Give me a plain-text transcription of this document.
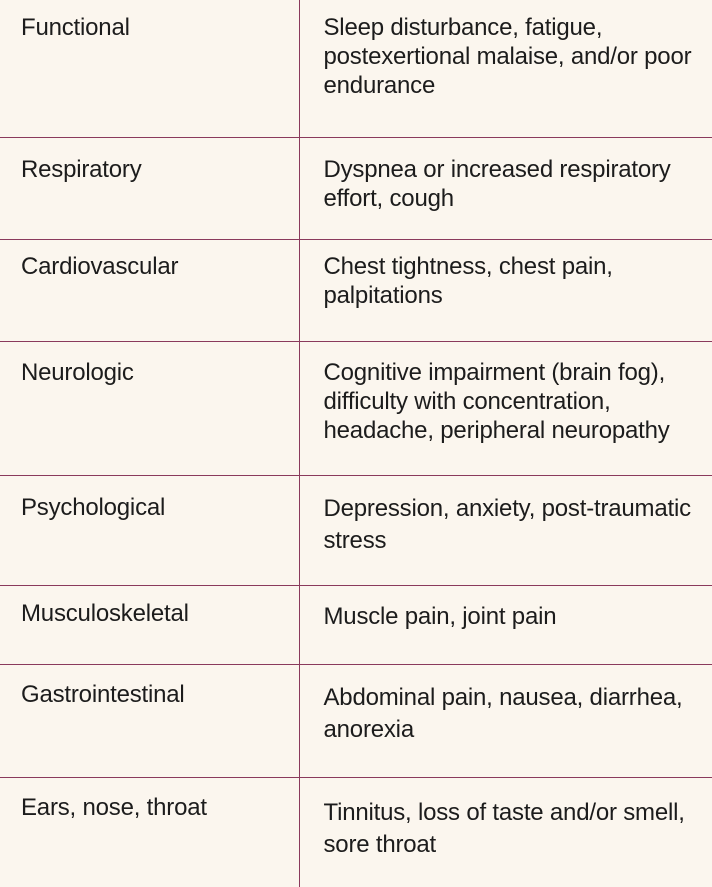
Functional	Sleep disturbance, fatigue, postexertional malaise, and/or poor endurance
Respiratory	Dyspnea or increased respiratory effort, cough
Cardiovascular	Chest tightness, chest pain, palpitations
Neurologic	Cognitive impairment (brain fog), difficulty with concentration, headache, peripheral neuropathy
Psychological	Depression, anxiety, post-traumatic stress
Musculoskeletal	Muscle pain, joint pain
Gastrointestinal	Abdominal pain, nausea, diarrhea, anorexia
Ears, nose, throat	Tinnitus, loss of taste and/or smell, sore throat
